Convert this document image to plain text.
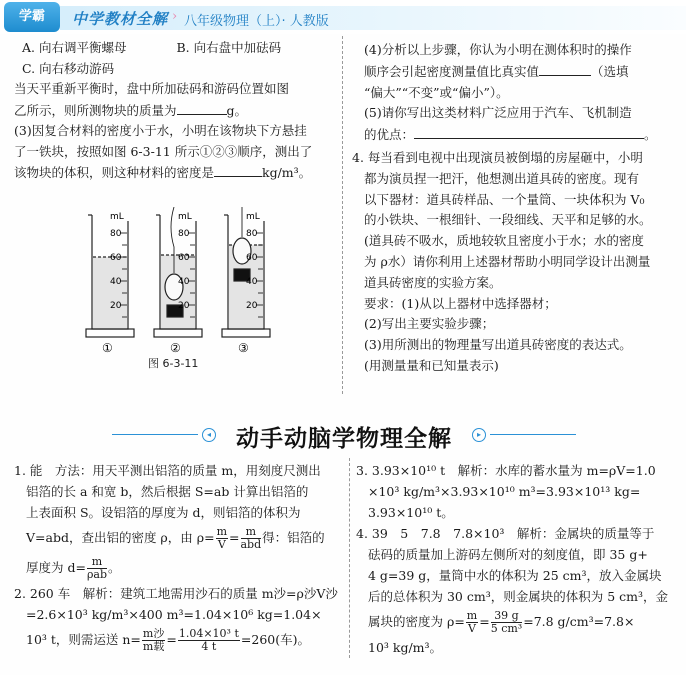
学霸	中学教材全解 › 八年级物理（上）· 人教版

A. 向右调平衡螺母	B. 向右盘中加砝码

C. 向右移动游码

当天平重新平衡时，盘中所加砝码和游码位置如图

乙所示，则所测物块的质量为	g。

(3)因复合材料的密度小于水，小明在该物块下方悬挂

了一铁块，按照如图 6-3-11 所示①②③顺序，测出了

该物块的体积，则这种材料的密度是	kg/m³。

mL
80
60
40
20
mL
80
60
40
20
mL
80
60
40
20
①	②	③
图 6-3-11

(4)分析以上步骤，你认为小明在测体积时的操作

顺序会引起密度测量值比真实值	（选填

“偏大”“不变”或“偏小”）。

(5)请你写出这类材料广泛应用于汽车、飞机制造

的优点：	。

4. 每当看到电视中出现演员被倒塌的房屋砸中，小明

都为演员捏一把汗，他想测出道具砖的密度。现有

以下器材：道具砖样品、一个量筒、一块体积为 V₀

的小铁块、一根细针、一段细线、天平和足够的水。

(道具砖不吸水，质地较软且密度小于水；水的密度

为 ρ水）请你利用上述器材帮助小明同学设计出测量

道具砖密度的实验方案。

要求：(1)从以上器材中选择器材；

(2)写出主要实验步骤；

(3)用所测出的物理量写出道具砖密度的表达式。

(用测量量和已知量表示)

◂ 动手动脑学物理全解	▸

1. 能　方法：用天平测出铝箔的质量 m，用刻度尺测出

铝箔的长 a 和宽 b，然后根据 S=ab 计算出铝箔的

上表面积 S。设铝箔的厚度为 d，则铝箔的体积为

V=abd，查出铝的密度 ρ，由 $\rho= \frac{m}{V} = \frac{m}{\text{abd}}$ 得：铝箔的

厚度为 $d= \frac{m}{\text{ρab}}$ 。

2. 260 车　解析：建筑工地需用沙石的质量 m沙=ρ沙V沙

=2.6×10³ kg/m³×400 m³=1.04×10⁶ kg=1.04×

10³ t，则需运送 $n= \frac{\text{m沙}}{\text{m载}} = \frac{\text{1.04×10³ t}}{4 t} =260$(车)。

3. 3.93×10¹⁰ t　解析：水库的蓄水量为 m=ρV=1.0

×10³ kg/m³×3.93×10¹⁰ m³=3.93×10¹³ kg=

3.93×10¹⁰ t。

4. 39　5　7.8　7.8×10³　解析：金属块的质量等于

砝码的质量加上游码左侧所对的刻度值，即 35 g+

4 g=39 g，量筒中水的体积为 25 cm³，放入金属块

后的总体积为 30 cm³，则金属块的体积为 5 cm³，金

属块的密度为 $\rho= \frac{m}{V} = \frac{39 g}{\text{5 cm³}} =7.8$ g/cm³=7.8×

10³ kg/m³。
